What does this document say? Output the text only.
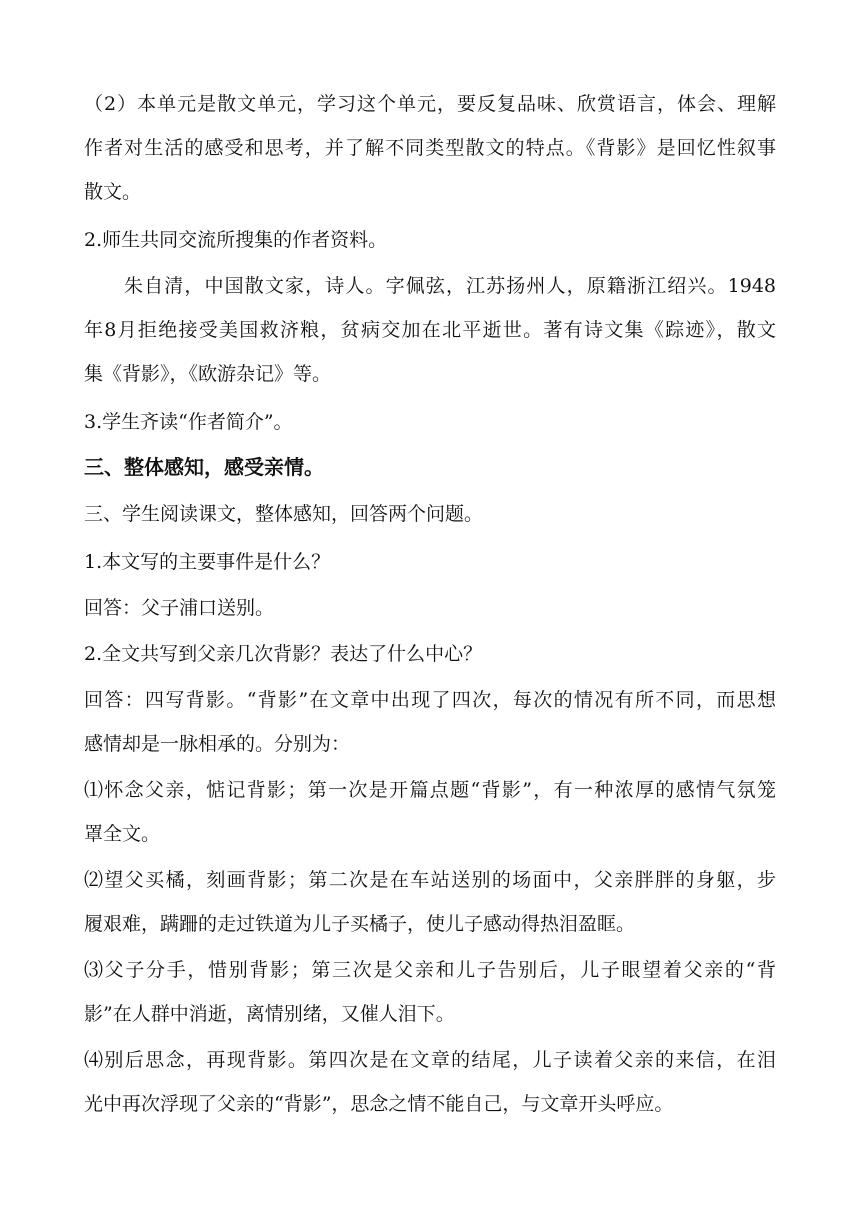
（2）本单元是散文单元，学习这个单元，要反复品味、欣赏语言，体会、理解
作者对生活的感受和思考，并了解不同类型散文的特点。《背影》是回忆性叙事
散文。
2.师生共同交流所搜集的作者资料。
朱自清，中国散文家，诗人。字佩弦，江苏扬州人，原籍浙江绍兴。1948
年8月拒绝接受美国救济粮，贫病交加在北平逝世。著有诗文集《踪迹》，散文
集《背影》，《欧游杂记》等。
3.学生齐读“作者简介”。
三、整体感知，感受亲情。
三、学生阅读课文，整体感知，回答两个问题。
1.本文写的主要事件是什么？
回答：父子浦口送别。
2.全文共写到父亲几次背影？表达了什么中心？
回答：四写背影。“背影”在文章中出现了四次，每次的情况有所不同，而思想
感情却是一脉相承的。分别为：
⑴怀念父亲，惦记背影；第一次是开篇点题“背影”，有一种浓厚的感情气氛笼
罩全文。
⑵望父买橘，刻画背影；第二次是在车站送别的场面中，父亲胖胖的身躯，步
履艰难，蹒跚的走过铁道为儿子买橘子，使儿子感动得热泪盈眶。
⑶父子分手，惜别背影；第三次是父亲和儿子告别后，儿子眼望着父亲的“背
影”在人群中消逝，离情别绪，又催人泪下。
⑷别后思念，再现背影。第四次是在文章的结尾，儿子读着父亲的来信，在泪
光中再次浮现了父亲的“背影”，思念之情不能自己，与文章开头呼应。
